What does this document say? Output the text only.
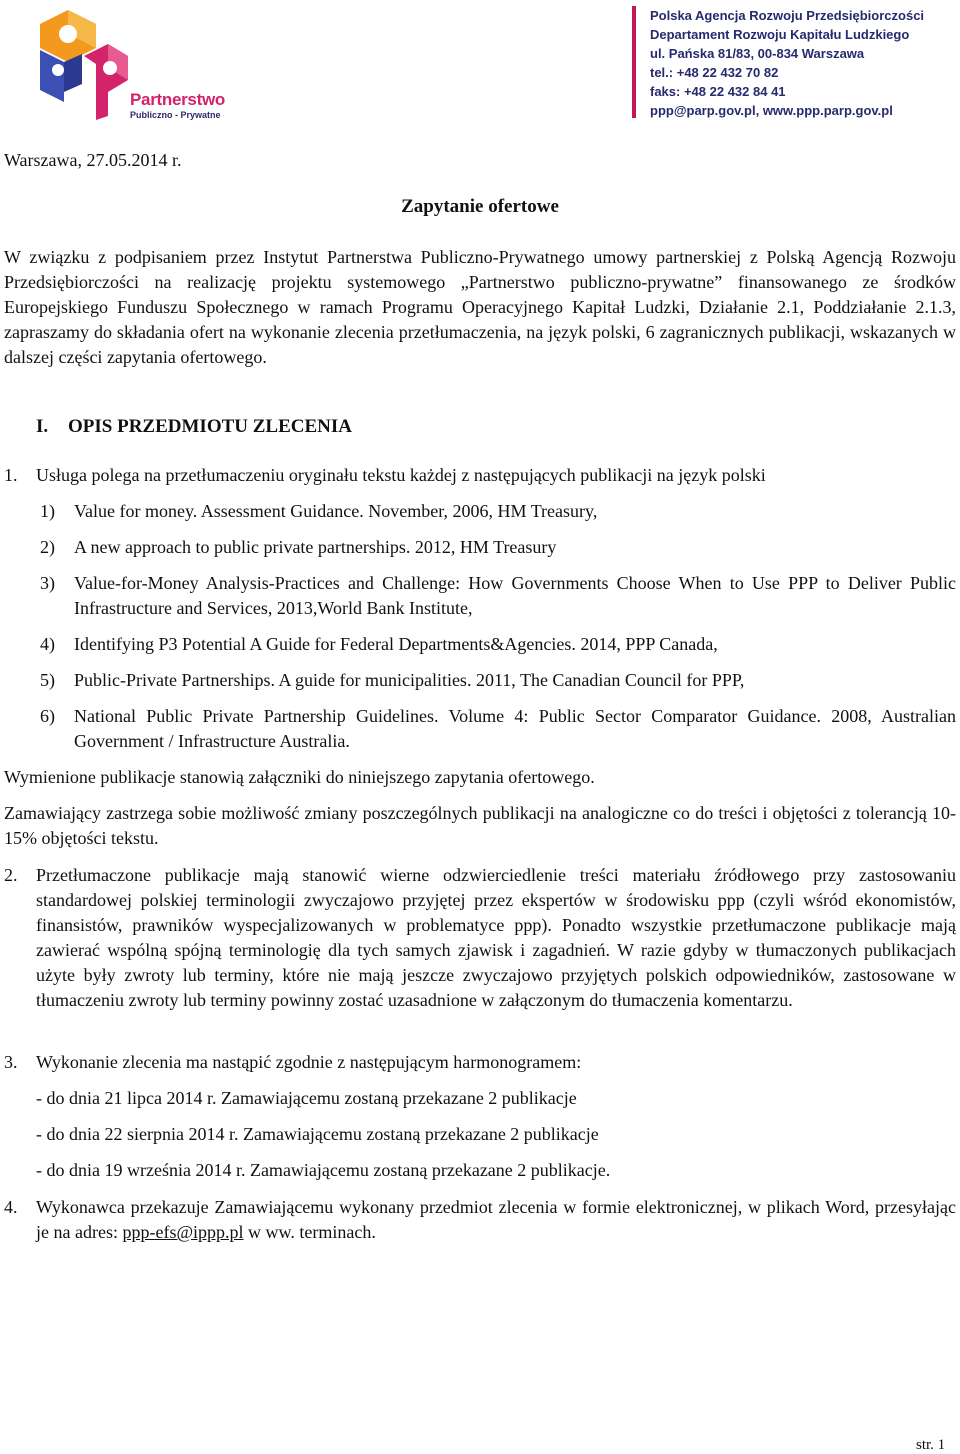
Partnerstwo
Publiczno - Prywatne
Polska Agencja Rozwoju Przedsiębiorczości
Departament Rozwoju Kapitału Ludzkiego
ul. Pańska 81/83, 00-834 Warszawa
tel.: +48 22 432 70 82
faks: +48 22 432 84 41
ppp@parp.gov.pl, www.ppp.parp.gov.pl
Warszawa, 27.05.2014 r.
Zapytanie ofertowe
W związku z podpisaniem przez Instytut Partnerstwa Publiczno-Prywatnego umowy partnerskiej z Polską Agencją Rozwoju Przedsiębiorczości na realizację projektu systemowego „Partnerstwo publiczno-prywatne” finansowanego ze środków Europejskiego Funduszu Społecznego w ramach Programu Operacyjnego Kapitał Ludzki, Działanie 2.1, Poddziałanie 2.1.3, zapraszamy do składania ofert na wykonanie zlecenia przetłumaczenia, na język polski, 6 zagranicznych publikacji, wskazanych w dalszej części zapytania ofertowego.
I. OPIS PRZEDMIOTU ZLECENIA
1. Usługa polega na przetłumaczeniu oryginału tekstu każdej z następujących publikacji na język polski
1) Value for money. Assessment Guidance. November, 2006, HM Treasury,
2) A new approach to public private partnerships. 2012, HM Treasury
3) Value-for-Money Analysis-Practices and Challenge: How Governments Choose When to Use PPP to Deliver Public Infrastructure and Services, 2013,World Bank Institute,
4) Identifying P3 Potential A Guide for Federal Departments&Agencies. 2014, PPP Canada,
5) Public-Private Partnerships. A guide for municipalities. 2011, The Canadian Council for PPP,
6) National Public Private Partnership Guidelines. Volume 4: Public Sector Comparator Guidance. 2008, Australian Government / Infrastructure Australia.
Wymienione publikacje stanowią załączniki do niniejszego zapytania ofertowego.
Zamawiający zastrzega sobie możliwość zmiany poszczególnych publikacji na analogiczne co do treści i objętości z tolerancją 10-15% objętości tekstu.
2. Przetłumaczone publikacje mają stanowić wierne odzwierciedlenie treści materiału źródłowego przy zastosowaniu standardowej polskiej terminologii zwyczajowo przyjętej przez ekspertów w środowisku ppp (czyli wśród ekonomistów, finansistów, prawników wyspecjalizowanych w problematyce ppp). Ponadto wszystkie przetłumaczone publikacje mają zawierać wspólną spójną terminologię dla tych samych zjawisk i zagadnień. W razie gdyby w tłumaczonych publikacjach użyte były zwroty lub terminy, które nie mają jeszcze zwyczajowo przyjętych polskich odpowiedników, zastosowane w tłumaczeniu zwroty lub terminy powinny zostać uzasadnione w załączonym do tłumaczenia komentarzu.
3. Wykonanie zlecenia ma nastąpić zgodnie z następującym harmonogramem:
- do dnia 21 lipca 2014 r. Zamawiającemu zostaną przekazane 2 publikacje
- do dnia 22 sierpnia 2014 r. Zamawiającemu zostaną przekazane 2 publikacje
- do dnia 19 września 2014 r. Zamawiającemu zostaną przekazane 2 publikacje.
4. Wykonawca przekazuje Zamawiającemu wykonany przedmiot zlecenia w formie elektronicznej, w plikach Word, przesyłając je na adres: ppp-efs@ippp.pl w ww. terminach.
str. 1
